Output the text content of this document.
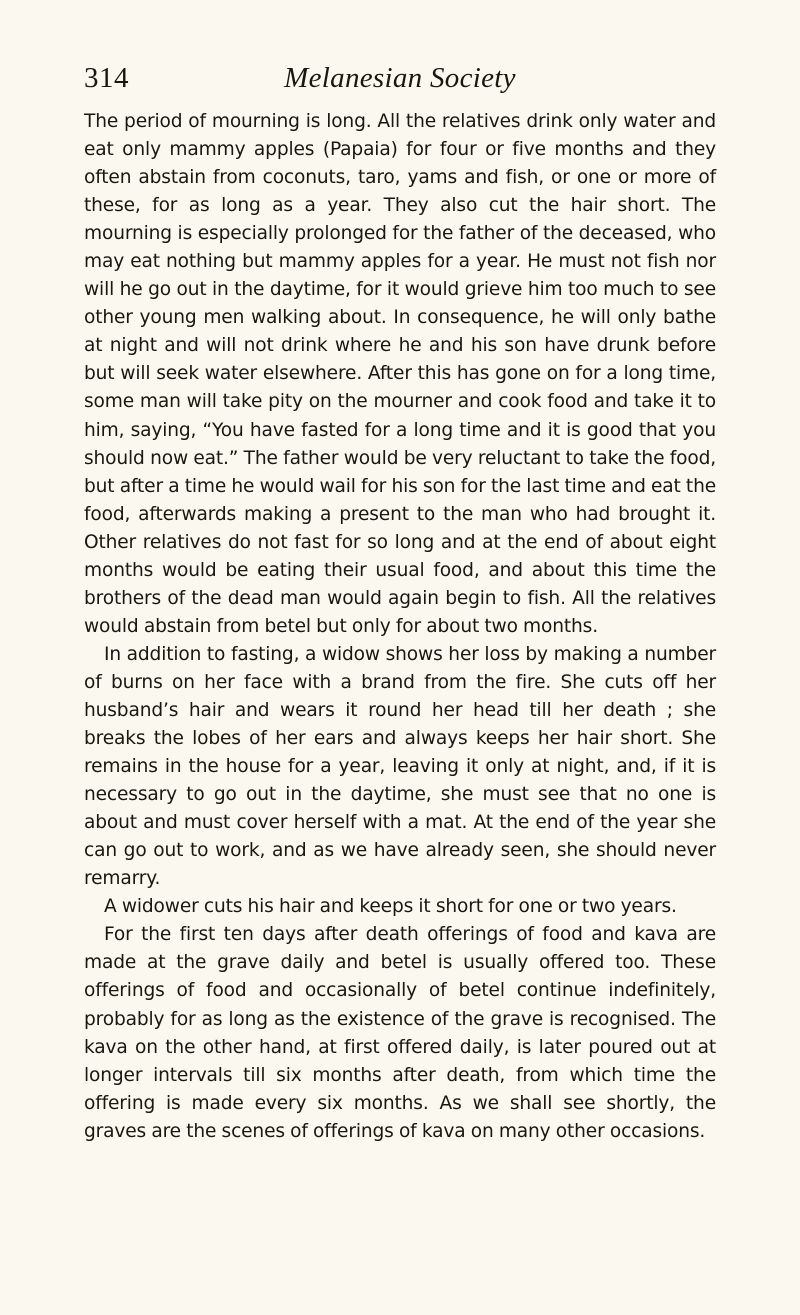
314	Melanesian Society

The period of mourning is long. All the relatives drink only water and eat only mammy apples (Papaia) for four or five months and they often abstain from coconuts, taro, yams and fish, or one or more of these, for as long as a year. They also cut the hair short. The mourning is especially prolonged for the father of the deceased, who may eat nothing but mammy apples for a year. He must not fish nor will he go out in the daytime, for it would grieve him too much to see other young men walking about. In consequence, he will only bathe at night and will not drink where he and his son have drunk before but will seek water elsewhere. After this has gone on for a long time, some man will take pity on the mourner and cook food and take it to him, saying, “You have fasted for a long time and it is good that you should now eat.” The father would be very reluctant to take the food, but after a time he would wail for his son for the last time and eat the food, afterwards making a present to the man who had brought it. Other relatives do not fast for so long and at the end of about eight months would be eating their usual food, and about this time the brothers of the dead man would again begin to fish. All the relatives would abstain from betel but only for about two months.

In addition to fasting, a widow shows her loss by making a number of burns on her face with a brand from the fire. She cuts off her husband’s hair and wears it round her head till her death ; she breaks the lobes of her ears and always keeps her hair short. She remains in the house for a year, leaving it only at night, and, if it is necessary to go out in the daytime, she must see that no one is about and must cover herself with a mat. At the end of the year she can go out to work, and as we have already seen, she should never remarry.

A widower cuts his hair and keeps it short for one or two years.

For the first ten days after death offerings of food and kava are made at the grave daily and betel is usually offered too. These offerings of food and occasionally of betel continue indefinitely, probably for as long as the existence of the grave is recognised. The kava on the other hand, at first offered daily, is later poured out at longer intervals till six months after death, from which time the offering is made every six months. As we shall see shortly, the graves are the scenes of offerings of kava on many other occasions.
